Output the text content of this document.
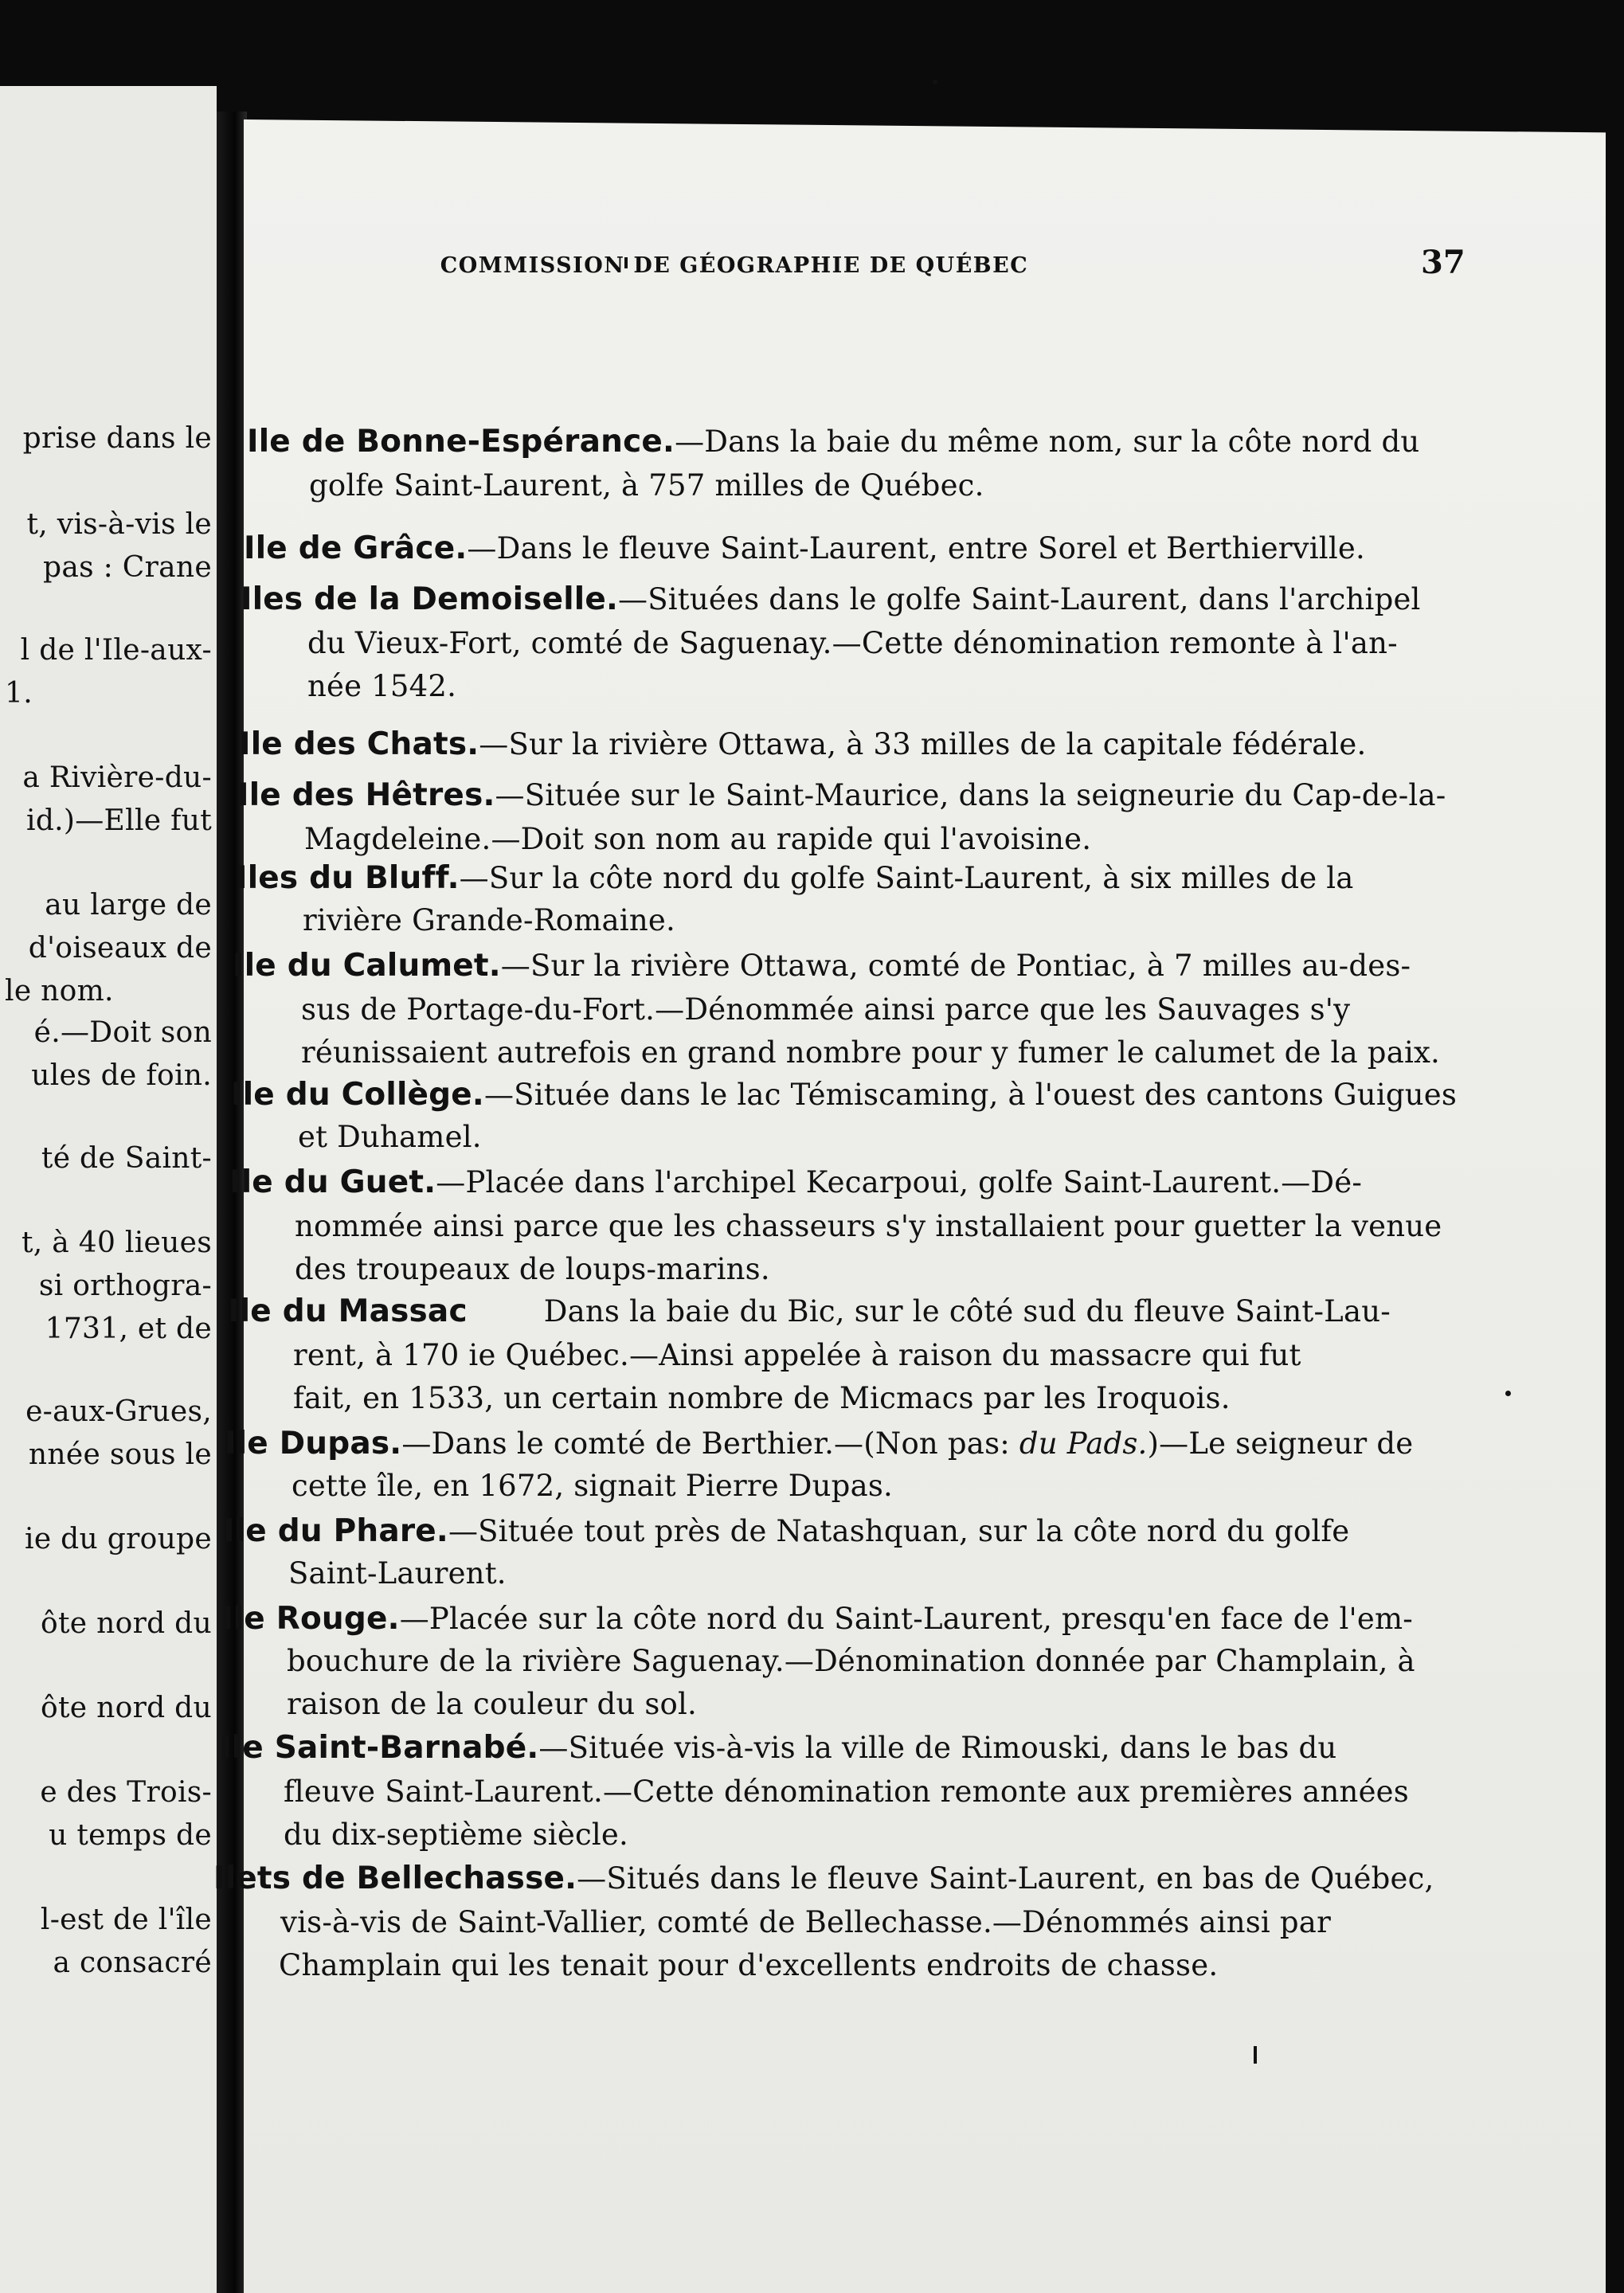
prise dans le
t, vis-à-vis le
pas : Crane
l de l'Ile-aux-
1.
a Rivière-du-
id.)—Elle fut
au large de
d'oiseaux de
le nom.
é.—Doit son
ules de foin.
té de Saint-
t, à 40 lieues
si orthogra-
1731, et de
e-aux-Grues,
nnée sous le
ie du groupe
ôte nord du
ôte nord du
e des Trois-
u temps de
l-est de l'île
a consacré
COMMISSION DE GÉOGRAPHIE DE QUÉBEC	37
Ile de Bonne-Espérance.—Dans la baie du même nom, sur la côte nord du
golfe Saint-Laurent, à 757 milles de Québec.
Ile de Grâce.—Dans le fleuve Saint-Laurent, entre Sorel et Berthierville.
Iles de la Demoiselle.—Situées dans le golfe Saint-Laurent, dans l'archipel
du Vieux-Fort, comté de Saguenay.—Cette dénomination remonte à l'an-
née 1542.
Ile des Chats.—Sur la rivière Ottawa, à 33 milles de la capitale fédérale.
Ile des Hêtres.—Située sur le Saint-Maurice, dans la seigneurie du Cap-de-la-
Magdeleine.—Doit son nom au rapide qui l'avoisine.
Iles du Bluff.—Sur la côte nord du golfe Saint-Laurent, à six milles de la
rivière Grande-Romaine.
Ile du Calumet.—Sur la rivière Ottawa, comté de Pontiac, à 7 milles au-des-
sus de Portage-du-Fort.—Dénommée ainsi parce que les Sauvages s'y
réunissaient autrefois en grand nombre pour y fumer le calumet de la paix.
Ile du Collège.—Située dans le lac Témiscaming, à l'ouest des cantons Guigues
et Duhamel.
Ile du Guet.—Placée dans l'archipel Kecarpoui, golfe Saint-Laurent.—Dé-
nommée ainsi parce que les chasseurs s'y installaient pour guetter la venue
des troupeaux de loups-marins.
Ile du Massac	Dans la baie du Bic, sur le côté sud du fleuve Saint-Lau-
rent, à 170 ie Québec.—Ainsi appelée à raison du massacre qui fut
fait, en 1533, un certain nombre de Micmacs par les Iroquois.
Ile Dupas.—Dans le comté de Berthier.—(Non pas: du Pads.)—Le seigneur de
cette île, en 1672, signait Pierre Dupas.
Ile du Phare.—Située tout près de Natashquan, sur la côte nord du golfe
Saint-Laurent.
Ile Rouge.—Placée sur la côte nord du Saint-Laurent, presqu'en face de l'em-
bouchure de la rivière Saguenay.—Dénomination donnée par Champlain, à
raison de la couleur du sol.
Ile Saint-Barnabé.—Située vis-à-vis la ville de Rimouski, dans le bas du
fleuve Saint-Laurent.—Cette dénomination remonte aux premières années
du dix-septième siècle.
Ilets de Bellechasse.—Situés dans le fleuve Saint-Laurent, en bas de Québec,
vis-à-vis de Saint-Vallier, comté de Bellechasse.—Dénommés ainsi par
Champlain qui les tenait pour d'excellents endroits de chasse.
